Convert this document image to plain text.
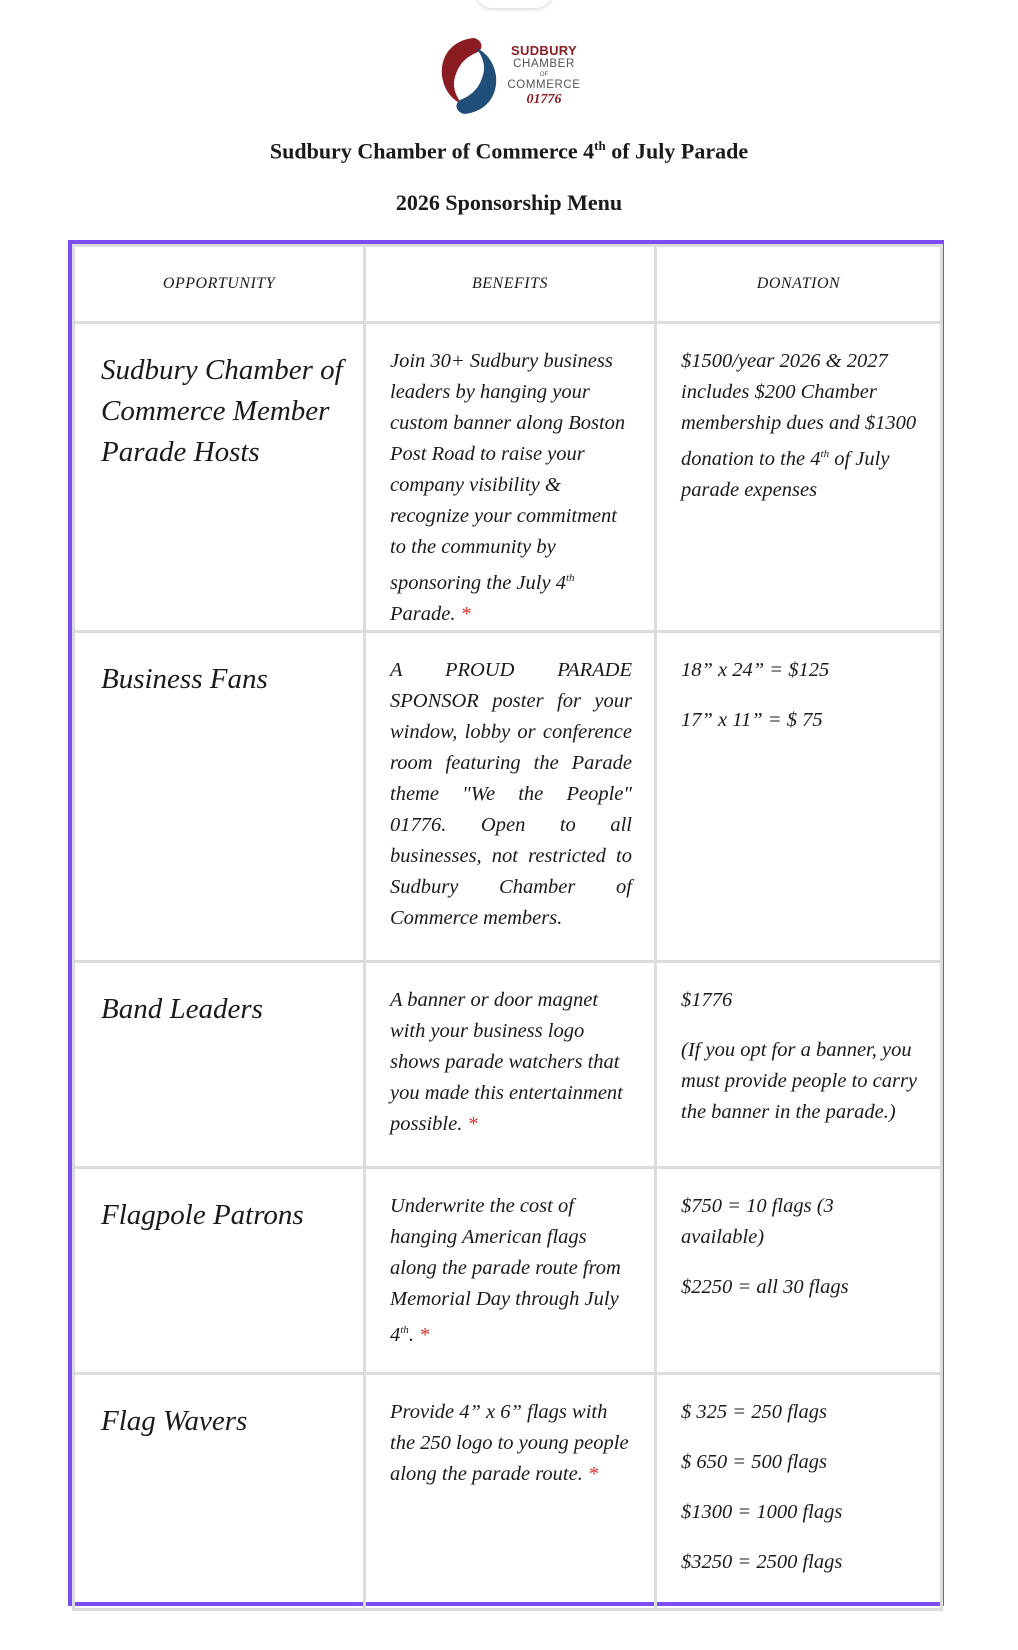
SUDBURY
CHAMBER
OF
COMMERCE
01776
Sudbury Chamber of Commerce 4th of July Parade
2026 Sponsorship Menu
OPPORTUNITY	BENEFITS	DONATION

Sudbury Chamber of Commerce Member Parade Hosts	Join 30+ Sudbury business leaders by hanging your custom banner along Boston Post Road to raise your company visibility & recognize your commitment to the community by sponsoring the July 4th Parade. *	$1500/year 2026 & 2027 includes $200 Chamber membership dues and $1300 donation to the 4th of July parade expenses

Business Fans	A PROUD PARADE SPONSOR poster for your window, lobby or conference room featuring the Parade theme "We the People" 01776. Open to all businesses, not restricted to Sudbury Chamber of Commerce members.	18” x 24” = $125

17” x 11” = $ 75

Band Leaders	A banner or door magnet with your business logo shows parade watchers that you made this entertainment possible. *	$1776

(If you opt for a banner, you must provide people to carry the banner in the parade.)

Flagpole Patrons	Underwrite the cost of hanging American flags along the parade route from Memorial Day through July 4th. *	$750 = 10 flags (3 available)

$2250 = all 30 flags

Flag Wavers	Provide 4” x 6” flags with the 250 logo to young people along the parade route. *	$ 325 = 250 flags

$ 650 = 500 flags

$1300 = 1000 flags

$3250 = 2500 flags
